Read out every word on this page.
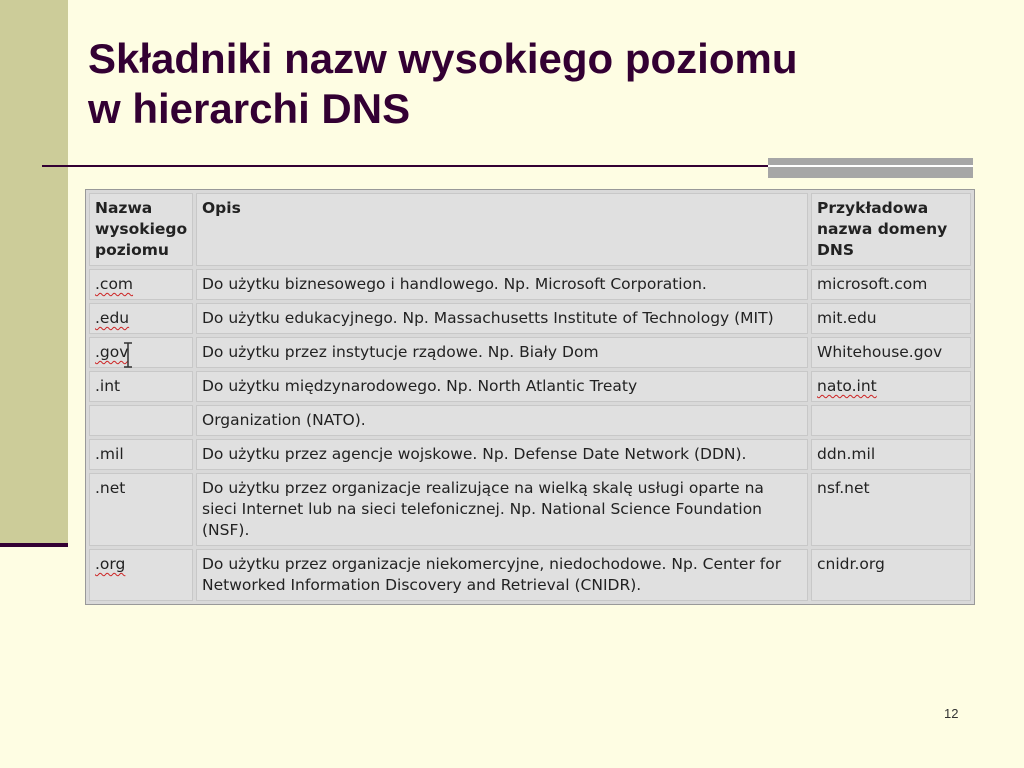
Składniki nazw wysokiego poziomu
w hierarchi DNS
Nazwa wysokiego poziomu	Opis	Przykładowa nazwa domeny DNS
.com	Do użytku biznesowego i handlowego. Np. Microsoft Corporation.	microsoft.com
.edu	Do użytku edukacyjnego. Np. Massachusetts Institute of Technology (MIT)	mit.edu
.gov	Do użytku przez instytucje rządowe. Np. Biały Dom	Whitehouse.gov
.int	Do użytku międzynarodowego. Np. North Atlantic Treaty	nato.int
	Organization (NATO).	
.mil	Do użytku przez agencje wojskowe. Np. Defense Date Network (DDN).	ddn.mil
.net	Do użytku przez organizacje realizujące na wielką skalę usługi oparte na sieci Internet lub na sieci telefonicznej. Np. National Science Foundation (NSF).	nsf.net
.org	Do użytku przez organizacje niekomercyjne, niedochodowe. Np. Center for Networked Information Discovery and Retrieval (CNIDR).	cnidr.org
12
